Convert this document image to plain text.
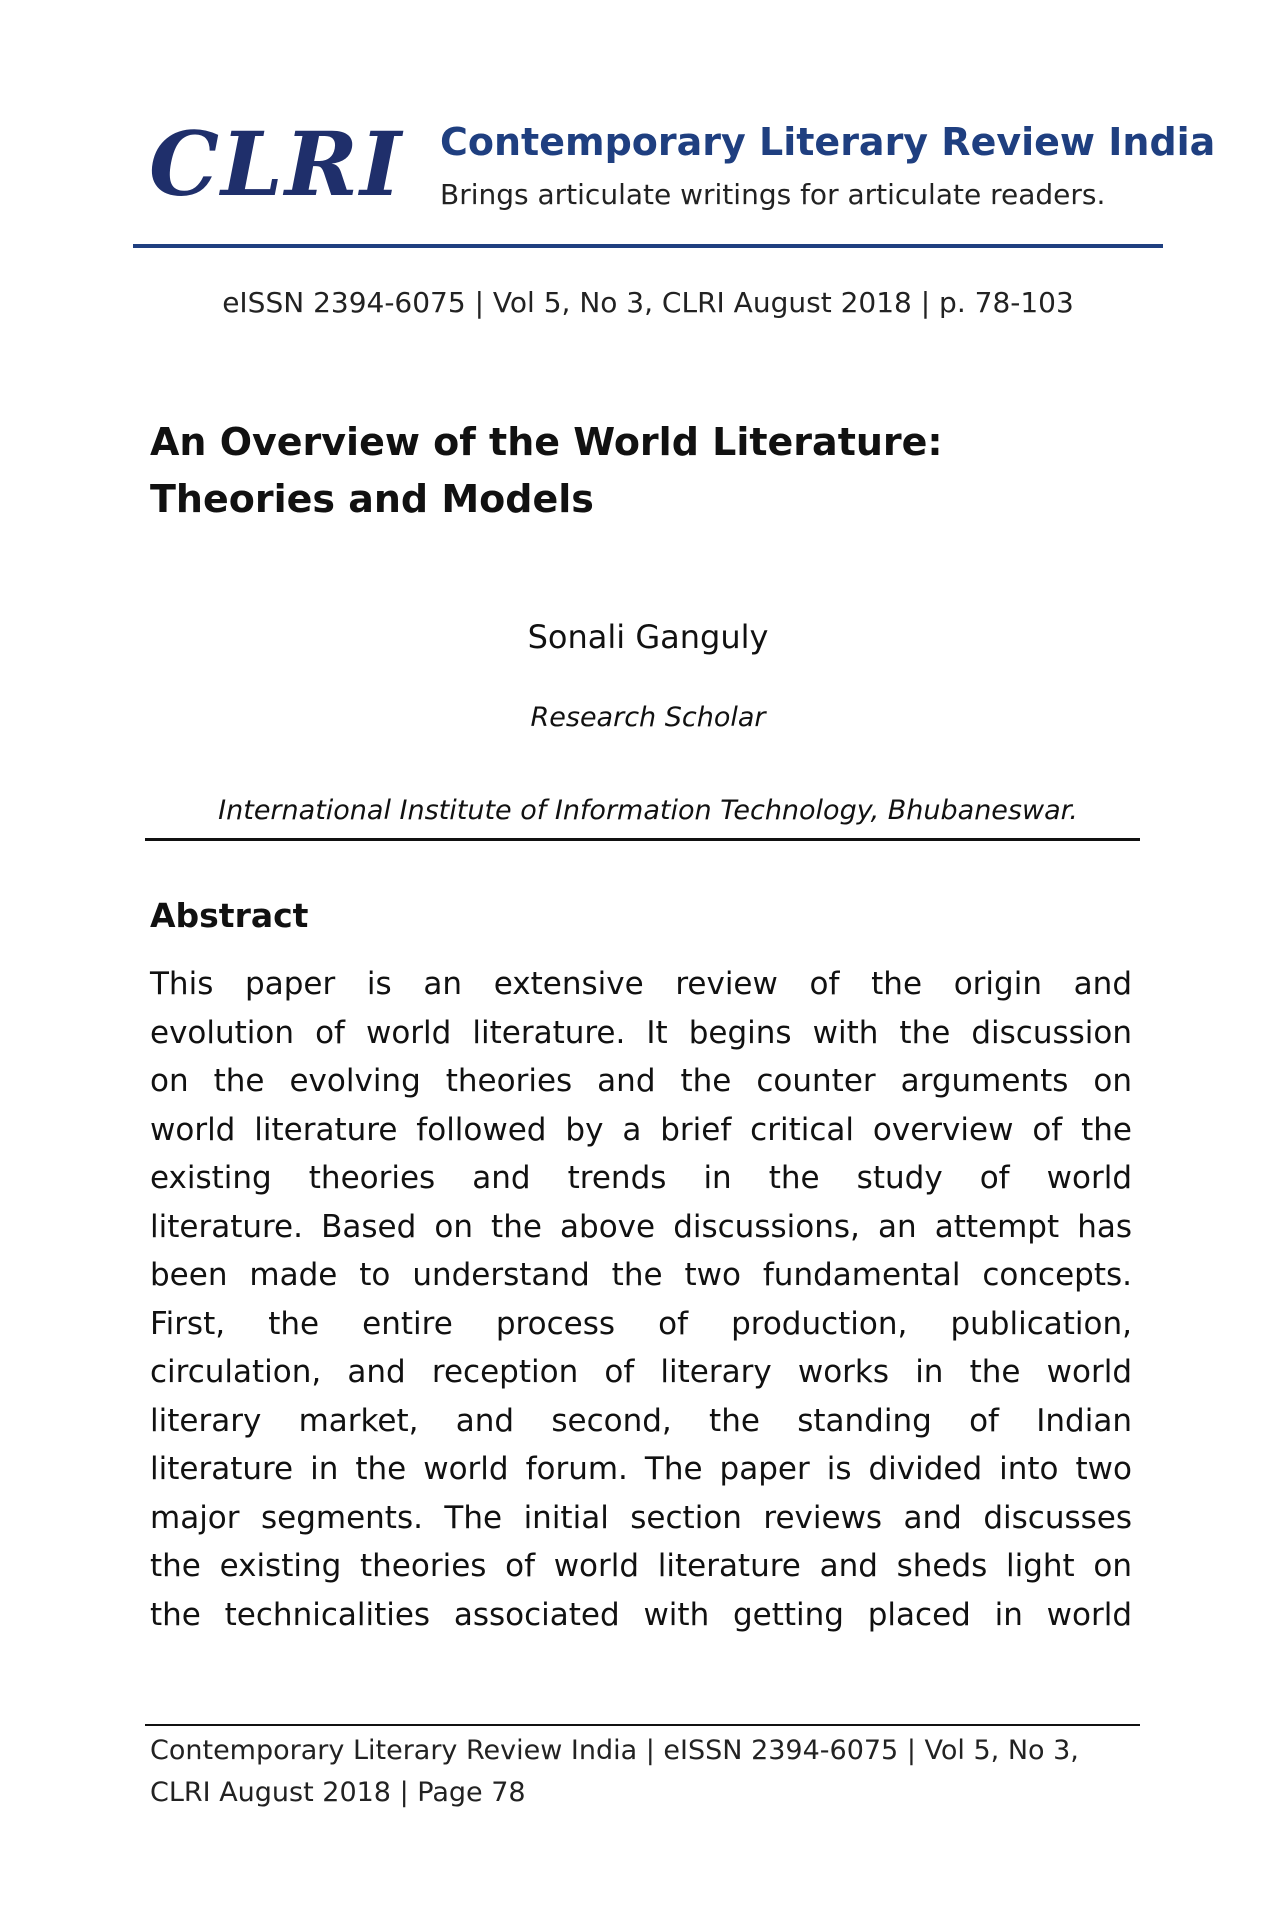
CLRI Contemporary Literary Review India
Brings articulate writings for articulate readers.
eISSN 2394-6075 | Vol 5, No 3, CLRI August 2018 | p. 78-103
An Overview of the World Literature: Theories and Models
Sonali Ganguly
Research Scholar
International Institute of Information Technology, Bhubaneswar.
Abstract
This paper is an extensive review of the origin and
evolution of world literature. It begins with the discussion
on the evolving theories and the counter arguments on
world literature followed by a brief critical overview of the
existing theories and trends in the study of world
literature. Based on the above discussions, an attempt has
been made to understand the two fundamental concepts.
First, the entire process of production, publication,
circulation, and reception of literary works in the world
literary market, and second, the standing of Indian
literature in the world forum. The paper is divided into two
major segments. The initial section reviews and discusses
the existing theories of world literature and sheds light on
the technicalities associated with getting placed in world
Contemporary Literary Review India | eISSN 2394-6075 | Vol 5, No 3,
CLRI August 2018 | Page 78
